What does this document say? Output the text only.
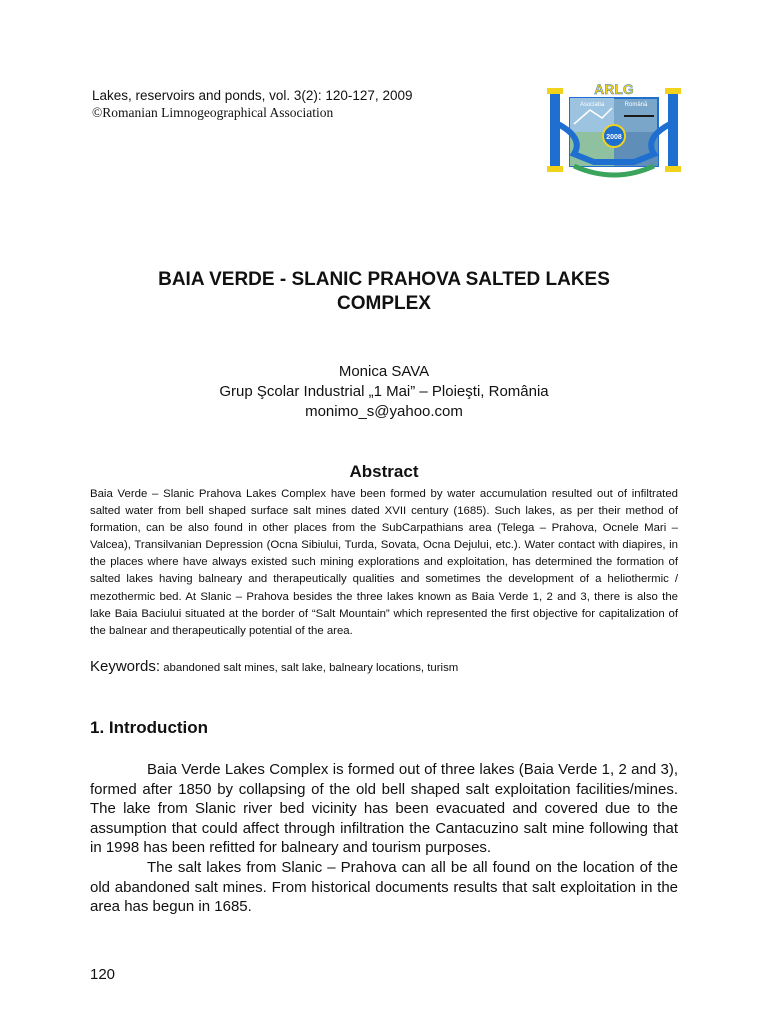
Lakes, reservoirs and ponds, vol. 3(2): 120-127, 2009
©Romanian Limnogeographical Association
2008
ARLG
Asociatia	Română
BAIA VERDE - SLANIC PRAHOVA SALTED LAKES
COMPLEX
Monica SAVA
Grup Şcolar Industrial „1 Mai” – Ploieşti, România
monimo_s@yahoo.com
Abstract
Baia Verde – Slanic Prahova Lakes Complex have been formed by water accumulation resulted out of infiltrated salted water from bell shaped surface salt mines dated XVII century (1685). Such lakes, as per their method of formation, can be also found in other places from the SubCarpathians area (Telega – Prahova, Ocnele Mari – Valcea), Transilvanian Depression (Ocna Sibiului, Turda, Sovata, Ocna Dejului, etc.). Water contact with diapires, in the places where have always existed such mining explorations and exploitation, has determined the formation of salted lakes having balneary and therapeutically qualities and sometimes the development of a heliothermic / mezothermic bed. At Slanic – Prahova besides the three lakes known as Baia Verde 1, 2 and 3, there is also the lake Baia Baciului situated at the border of “Salt Mountain” which represented the first objective for capitalization of the balnear and therapeutically potential of the area.
Keywords: abandoned salt mines, salt lake, balneary locations, turism
1. Introduction

Baia Verde Lakes Complex is formed out of three lakes (Baia Verde 1, 2 and 3), formed after 1850 by collapsing of the old bell shaped salt exploitation facilities/mines. The lake from Slanic river bed vicinity has been evacuated and covered due to the assumption that could affect through infiltration the Cantacuzino salt mine following that in 1998 has been refitted for balneary and tourism purposes.

The salt lakes from Slanic – Prahova can all be all found on the location of the old abandoned salt mines. From historical documents results that salt exploitation in the area has begun in 1685.

120
